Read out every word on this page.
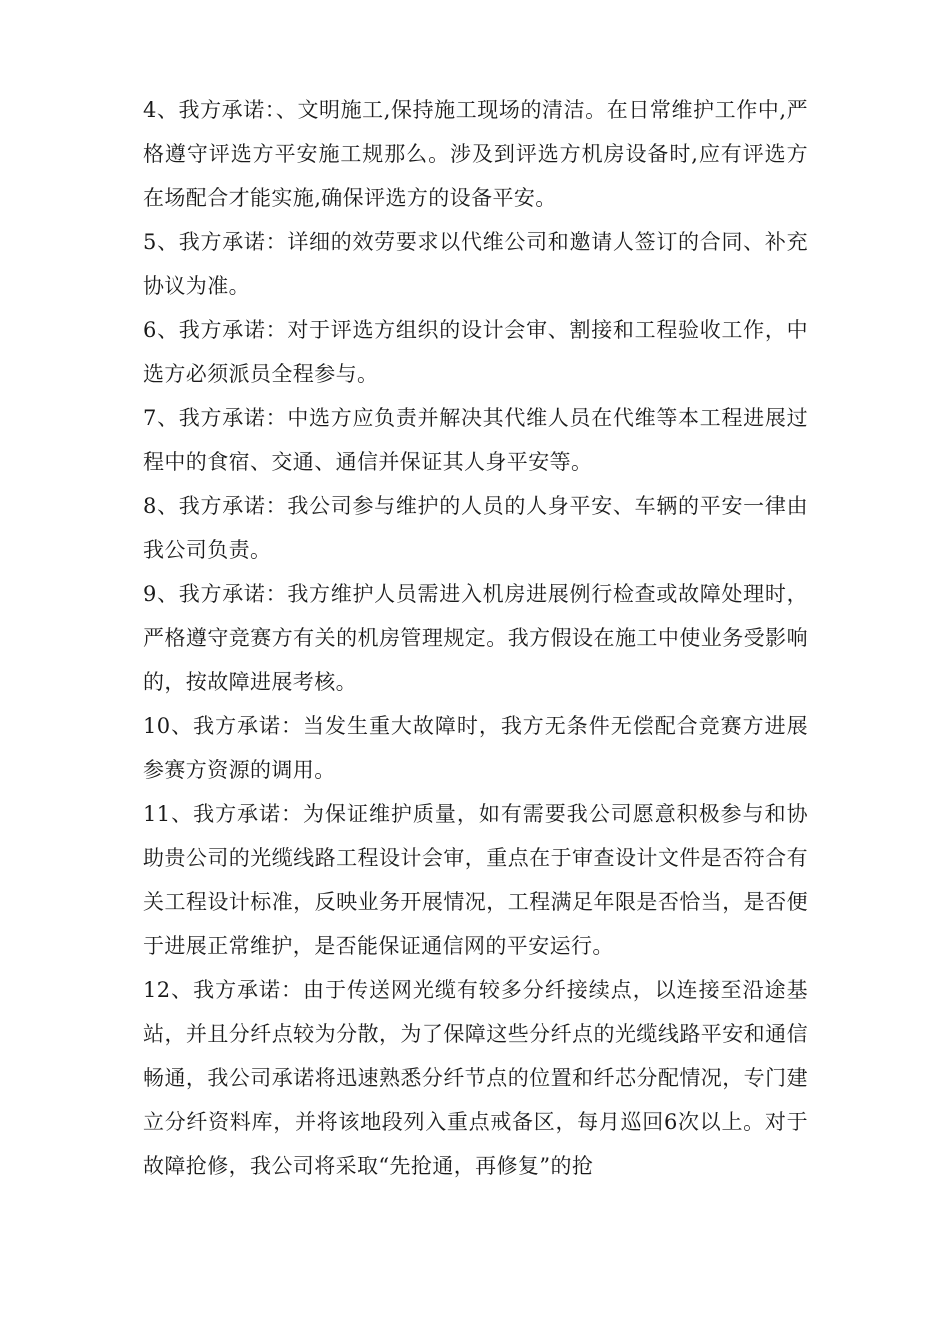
4、我方承诺：、文明施工,保持施工现场的清洁。在日常维护工作中,严格遵守评选方平安施工规那么。涉及到评选方机房设备时,应有评选方在场配合才能实施,确保评选方的设备平安。

5、我方承诺：详细的效劳要求以代维公司和邀请人签订的合同、补充协议为准。

6、我方承诺：对于评选方组织的设计会审、割接和工程验收工作，中选方必须派员全程参与。

7、我方承诺：中选方应负责并解决其代维人员在代维等本工程进展过程中的食宿、交通、通信并保证其人身平安等。

8、我方承诺：我公司参与维护的人员的人身平安、车辆的平安一律由我公司负责。

9、我方承诺：我方维护人员需进入机房进展例行检查或故障处理时，严格遵守竞赛方有关的机房管理规定。我方假设在施工中使业务受影响的，按故障进展考核。

10、我方承诺：当发生重大故障时，我方无条件无偿配合竞赛方进展参赛方资源的调用。

11、我方承诺：为保证维护质量，如有需要我公司愿意积极参与和协助贵公司的光缆线路工程设计会审，重点在于审查设计文件是否符合有关工程设计标准，反映业务开展情况，工程满足年限是否恰当，是否便于进展正常维护，是否能保证通信网的平安运行。

12、我方承诺：由于传送网光缆有较多分纤接续点，以连接至沿途基站，并且分纤点较为分散，为了保障这些分纤点的光缆线路平安和通信畅通，我公司承诺将迅速熟悉分纤节点的位置和纤芯分配情况，专门建立分纤资料库，并将该地段列入重点戒备区，每月巡回6次以上。对于故障抢修，我公司将采取“先抢通，再修复”的抢
